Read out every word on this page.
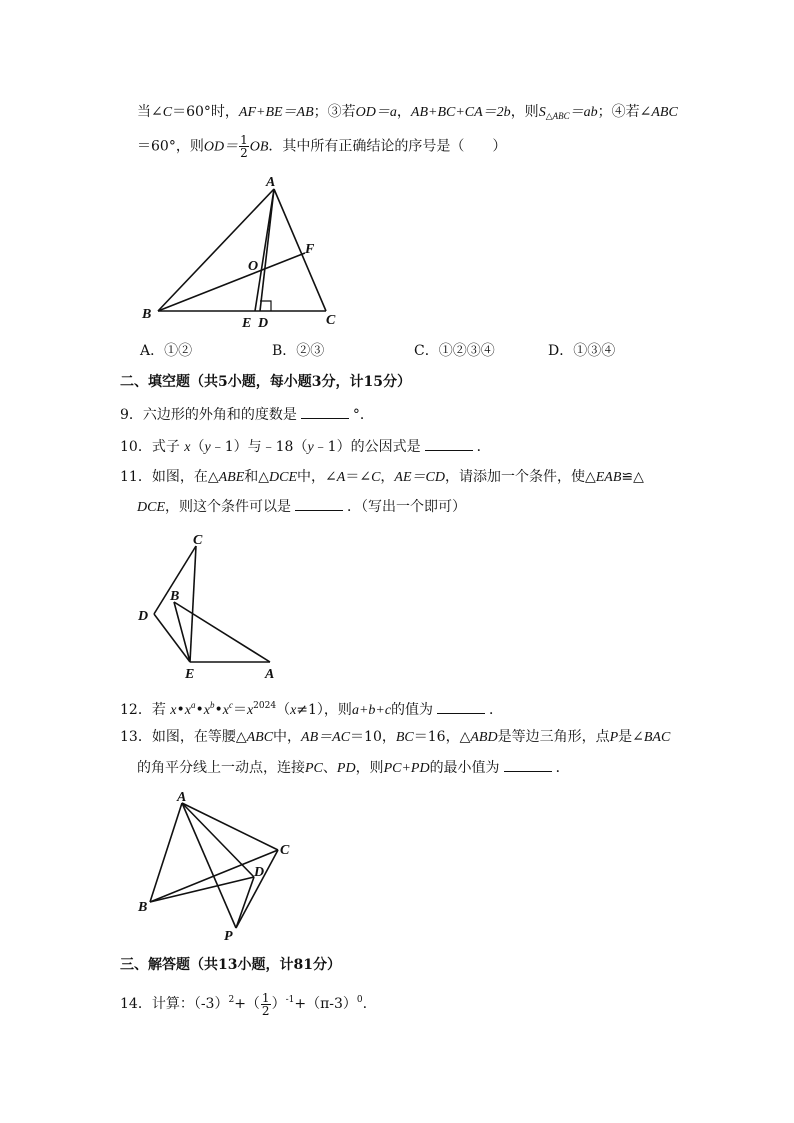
当∠C＝60°时，AF+BE＝AB；③若OD＝a，AB+BC+CA＝2b，则$S_{\triangle ABC}=ab$；④若∠ABC
＝60°，则$OD= \frac{1}{2}$ OB．其中所有正确结论的序号是（　　）
A
B	C
D
E
F
O
A．①②	B．②③	C．①②③④	D．①③④
二、填空题（共5小题，每小题3分，计15分）
9．六边形的外角和的度数是	°．
10．式子 x（y﹣1）与﹣18（y﹣1）的公因式是	．
11．如图，在△ABE和△DCE中，∠A＝∠C，AE＝CD，请添加一个条件，使△EAB≌△
DCE，则这个条件可以是	．（写出一个即可）
C
B
D
E	A
12．若 $x•x^a•x^b•x^c=x^{2024}(x\ne 1)$，则a+b+c的值为	．
13．如图，在等腰△ABC中，AB＝AC＝10，BC＝16，△ABD是等边三角形，点P是∠BAC
的角平分线上一动点，连接PC、PD，则PC+PD的最小值为	．
A
C
D
B
P
三、解答题（共13小题，计81分）
14．计算：$(-3)^2+( \frac{1}{2} )^{-1}+(\pi-3)^0$.
